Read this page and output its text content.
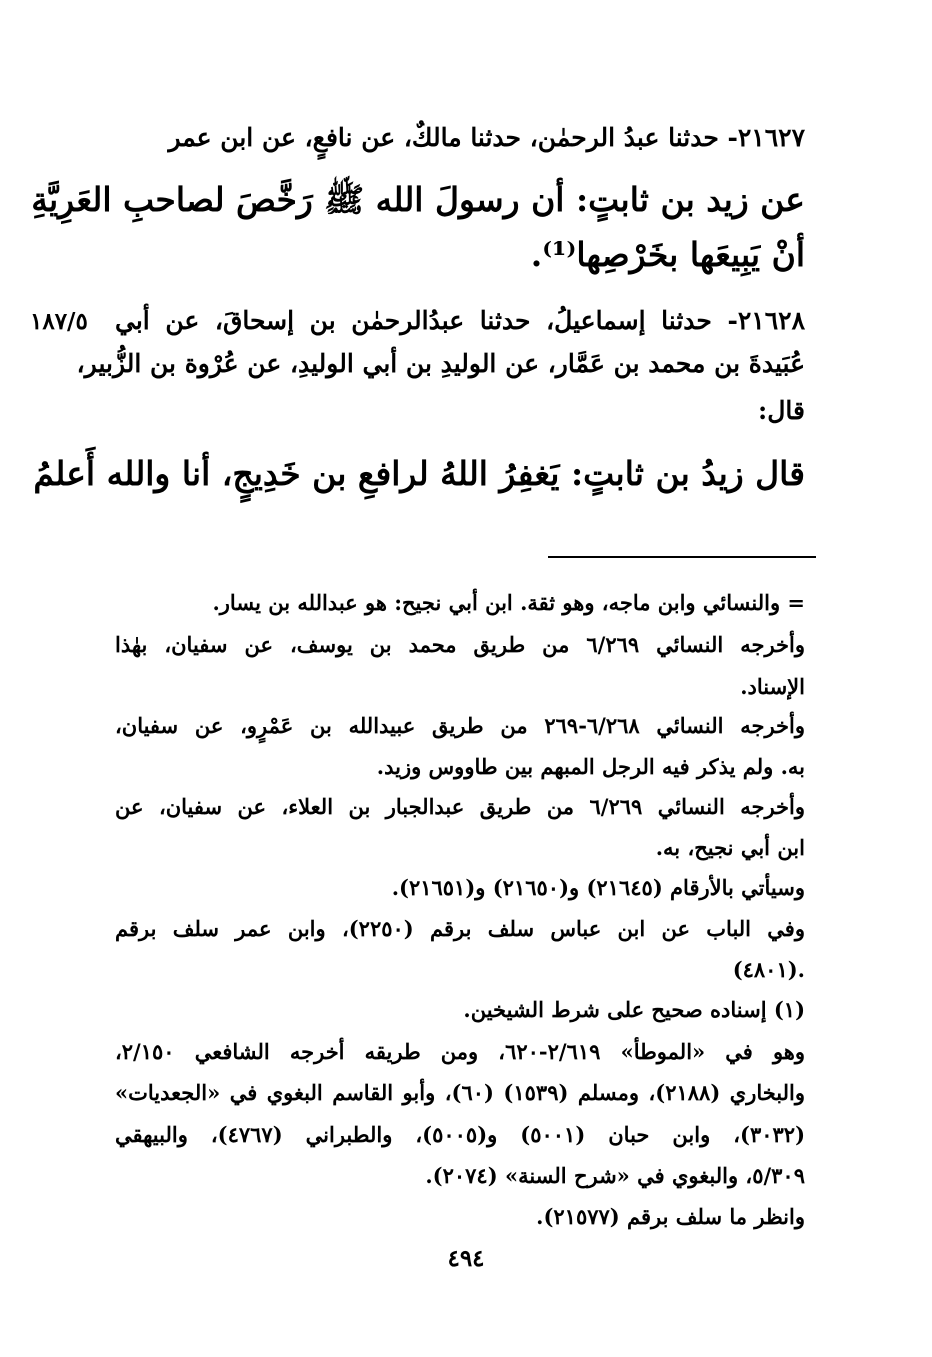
٢١٦٢٧- حدثنا عبدُ الرحمٰن، حدثنا مالكٌ، عن نافعٍ، عن ابن عمر
عن زيد بن ثابتٍ: أن رسولَ الله ﷺ رَخَّصَ لصاحبِ العَرِيَّةِ
أنْ يَبِيعَها بخَرْصِها⁽¹⁾.
١٨٧/٥ ٢١٦٢٨- حدثنا إسماعيلُ، حدثنا عبدُالرحمٰن بن إسحاقَ، عن أبي
عُبَيدةَ بن محمد بن عَمَّار، عن الوليدِ بن أبي الوليدِ، عن عُرْوة بن الزُّبير،
قال:
قال زيدُ بن ثابتٍ: يَغفِرُ اللهُ لرافعِ بن خَدِيجٍ، أنا والله أَعلمُ
= والنسائي وابن ماجه، وهو ثقة. ابن أبي نجيح: هو عبدالله بن يسار.
وأخرجه النسائي ٦/٢٦٩ من طريق محمد بن يوسف، عن سفيان، بهٰذا
الإسناد.
وأخرجه النسائي ٦/٢٦٨-٢٦٩ من طريق عبيدالله بن عَمْرٍو، عن سفيان،
به. ولم يذكر فيه الرجل المبهم بين طاووس وزيد.
وأخرجه النسائي ٦/٢٦٩ من طريق عبدالجبار بن العلاء، عن سفيان، عن
ابن أبي نجيح، به.
وسيأتي بالأرقام (٢١٦٤٥) و(٢١٦٥٠) و(٢١٦٥١).
وفي الباب عن ابن عباس سلف برقم (٢٢٥٠)، وابن عمر سلف برقم
(٤٨٠١).
(١) إسناده صحيح على شرط الشيخين.
وهو في «الموطأ» ٢/٦١٩-٦٢٠، ومن طريقه أخرجه الشافعي ٢/١٥٠،
والبخاري (٢١٨٨)، ومسلم (١٥٣٩) (٦٠)، وأبو القاسم البغوي في «الجعديات»
(٣٠٣٢)، وابن حبان (٥٠٠١) و(٥٠٠٥)، والطبراني (٤٧٦٧)، والبيهقي
٥/٣٠٩، والبغوي في «شرح السنة» (٢٠٧٤).
وانظر ما سلف برقم (٢١٥٧٧).
٤٩٤
